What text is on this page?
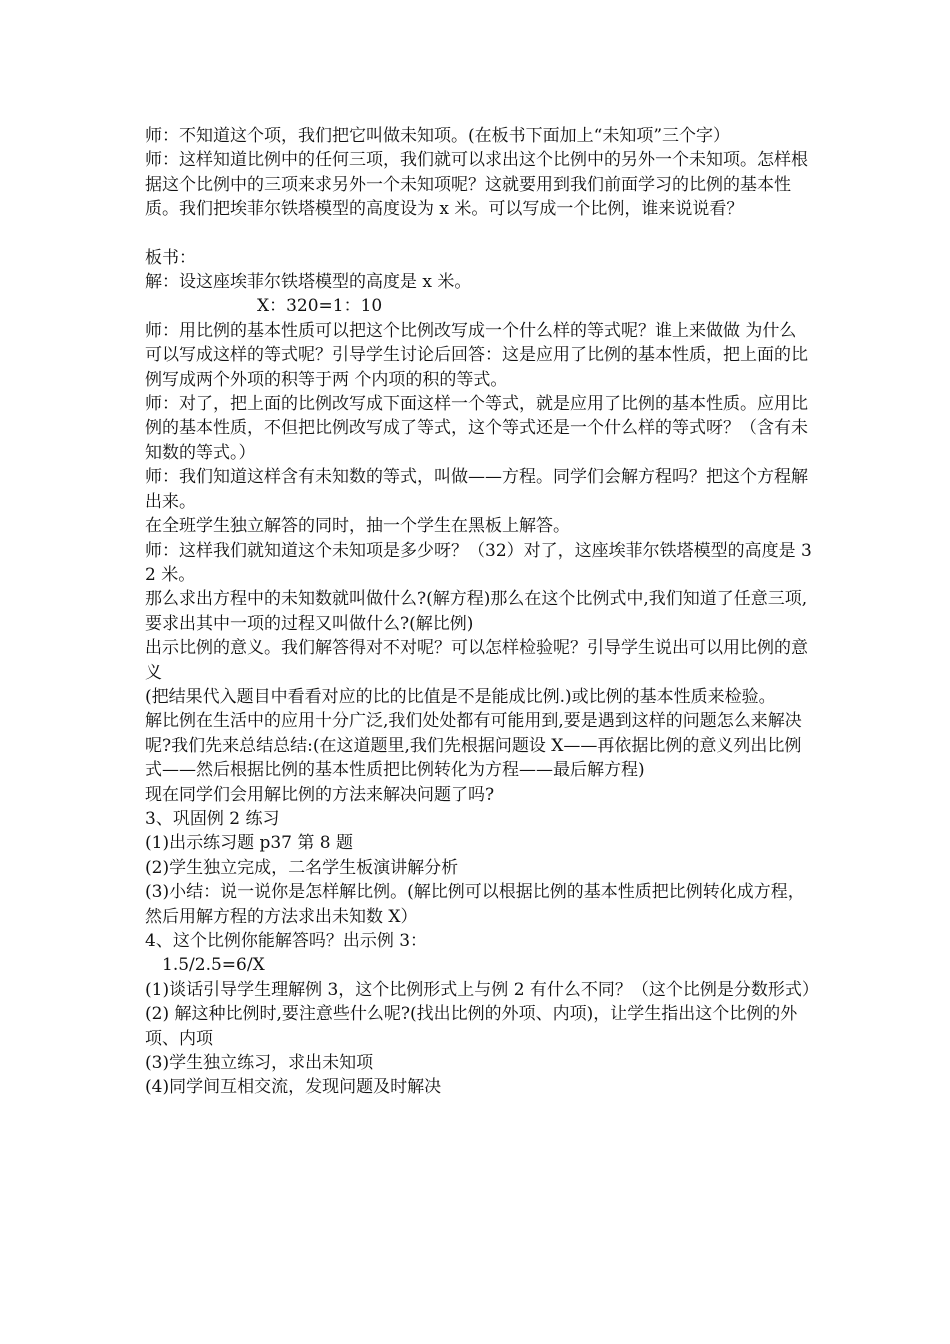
师：不知道这个项，我们把它叫做未知项。(在板书下面加上“未知项”三个字）

师：这样知道比例中的任何三项，我们就可以求出这个比例中的另外一个未知项。怎样根据这个比例中的三项来求另外一个未知项呢？这就要用到我们前面学习的比例的基本性质。我们把埃菲尔铁塔模型的高度设为 x 米。可以写成一个比例，谁来说说看？

板书：

解：设这座埃菲尔铁塔模型的高度是 x 米。

X：320=1：10

师：用比例的基本性质可以把这个比例改写成一个什么样的等式呢？谁上来做做 为什么可以写成这样的等式呢？引导学生讨论后回答：这是应用了比例的基本性质，把上面的比例写成两个外项的积等于两 个内项的积的等式。

师：对了，把上面的比例改写成下面这样一个等式，就是应用了比例的基本性质。应用比例的基本性质，不但把比例改写成了等式，这个等式还是一个什么样的等式呀？（含有未知数的等式。）

师：我们知道这样含有未知数的等式，叫做——方程。同学们会解方程吗？把这个方程解出来。

在全班学生独立解答的同时，抽一个学生在黑板上解答。

师：这样我们就知道这个未知项是多少呀？（32）对了，这座埃菲尔铁塔模型的高度是 32 米。

那么求出方程中的未知数就叫做什么?(解方程)那么在这个比例式中,我们知道了任意三项,要求出其中一项的过程又叫做什么?(解比例)

出示比例的意义。我们解答得对不对呢？可以怎样检验呢？引导学生说出可以用比例的意义

(把结果代入题目中看看对应的比的比值是不是能成比例.)或比例的基本性质来检验。

解比例在生活中的应用十分广泛,我们处处都有可能用到,要是遇到这样的问题怎么来解决呢?我们先来总结总结:(在这道题里,我们先根据问题设 X——再依据比例的意义列出比例式——然后根据比例的基本性质把比例转化为方程——最后解方程)

现在同学们会用解比例的方法来解决问题了吗?

3、巩固例 2 练习

(1)出示练习题 p37 第 8 题

(2)学生独立完成，二名学生板演讲解分析

(3)小结：说一说你是怎样解比例。(解比例可以根据比例的基本性质把比例转化成方程，然后用解方程的方法求出未知数 X）

4、这个比例你能解答吗？出示例 3：

1.5/2.5=6/X

(1)谈话引导学生理解例 3，这个比例形式上与例 2 有什么不同？（这个比例是分数形式）

(2) 解这种比例时,要注意些什么呢?(找出比例的外项、内项)，让学生指出这个比例的外项、内项

(3)学生独立练习，求出未知项

(4)同学间互相交流，发现问题及时解决
